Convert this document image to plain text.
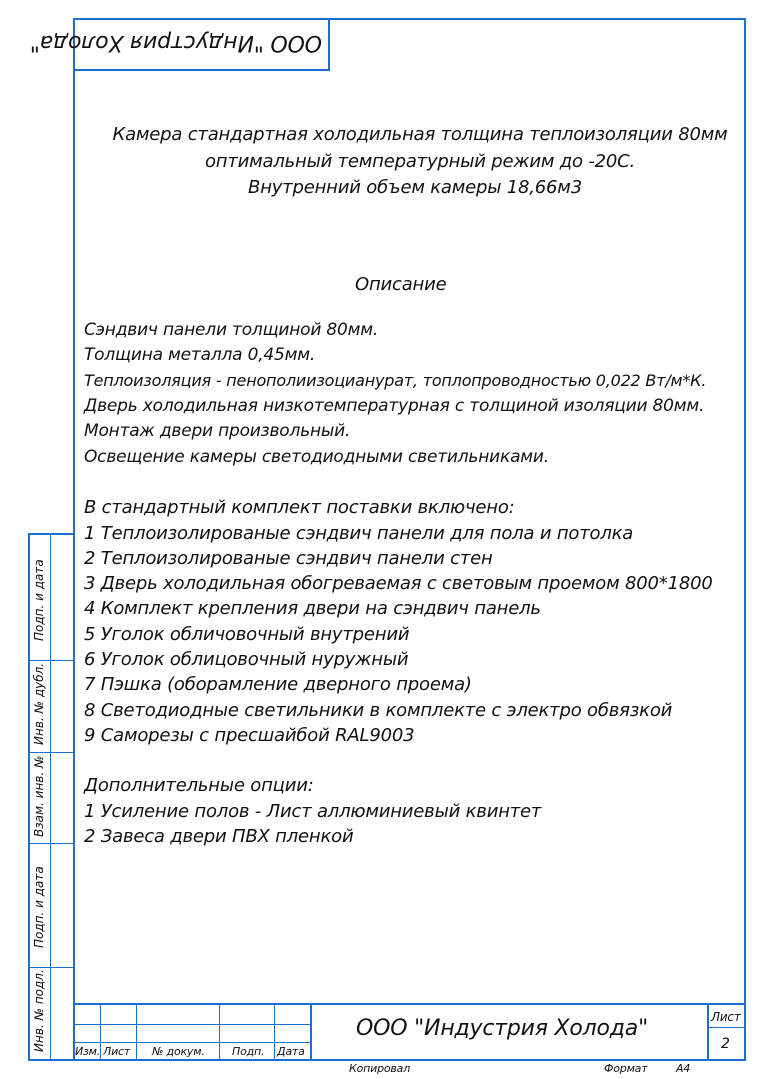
ООО "Индустрия Холода"
Камера стандартная холодильная толщина теплоизоляции 80мм
оптимальный температурный режим до -20С.
Внутренний объем камеры 18,66м3
Описание
Сэндвич панели толщиной 80мм.
Толщина металла 0,45мм.
Теплоизоляция - пенополиизоцианурат, топлопроводностью 0,022 Вт/м*К.
Дверь холодильная низкотемпературная с толщиной изоляции 80мм.
Монтаж двери произвольный.
Освещение камеры светодиодными светильниками.
В стандартный комплект поставки включено:
1 Теплоизолированые сэндвич панели для пола и потолка
2 Теплоизолированые сэндвич панели стен
3 Дверь холодильная обогреваемая с световым проемом 800*1800
4 Комплект крепления двери на сэндвич панель
5 Уголок обличовочный внутрений
6 Уголок облицовочный нуружный
7 Пэшка (оборамление дверного проема)
8 Светодиодные светильники в комплекте с электро обвязкой
9 Саморезы с пресшайбой RAL9003
Дополнительные опции:
1 Усиление полов - Лист аллюминиевый квинтет
2 Завеса двери ПВХ пленкой
Подп. и дата
Инв. № дубл.
Взам. инв. №
Подп. и дата
Инв. № подл.	Изм. Лист № докум. Подп. Дата
ООО "Индустрия Холода"	Лист
2
Копировал	Формат	А4
